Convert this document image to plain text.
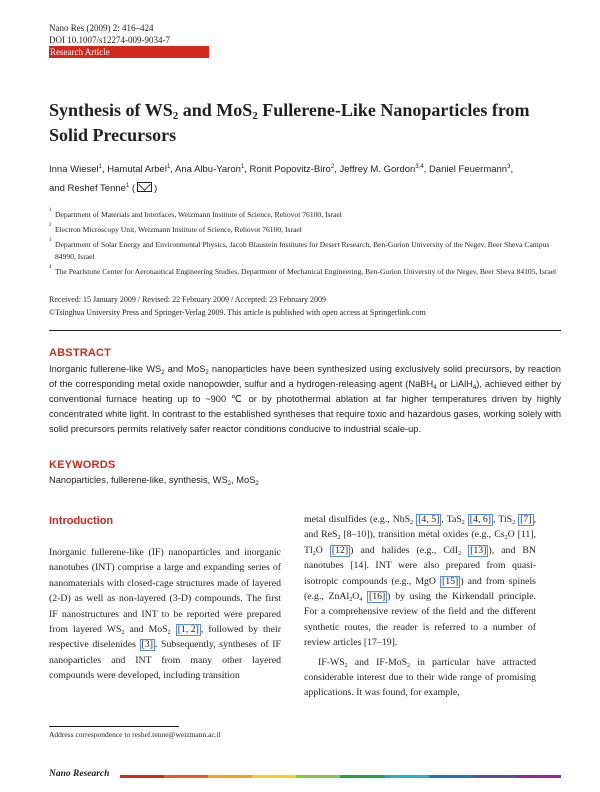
Nano Res (2009) 2: 416–424
DOI 10.1007/s12274-009-9034-7
Research Article
Synthesis of $WS_2$ and MoS$_2$ Fullerene-Like Nanoparticles from Solid Precursors
Inna Wiesel$^1$, Hamutal Arbel$^1$, Ana Albu-Yaron$^1$, Ronit Popovitz-Biro$^2$, Jeffrey M. Gordon$^{3,4}$, Daniel Feuermann$^3$,
and Reshef Tenne$^1$ ( )
1 Department of Materials and Interfaces, Weizmann Institute of Science, Rehovot 76100, Israel
2 Electron Microscopy Unit, Weizmann Institute of Science, Rehovot 76100, Israel
3 Department of Solar Energy and Environmental Physics, Jacob Blaustein Institutes for Desert Research, Ben-Gurion University of the Negev, Beer Sheva Campus 84990, Israel
4 The Pearlstone Center for Aeronautical Engineering Studies, Department of Mechanical Engineering, Ben-Gurion University of the Negev, Beer Sheva 84105, Israel
Received: 15 January 2009 / Revised: 22 February 2009 / Accepted: 23 February 2009
©Tsinghua University Press and Springer-Verlag 2009. This article is published with open access at Springerlink.com
ABSTRACT
Inorganic fullerene-like $WS_2$ and MoS$_2$ nanoparticles have been synthesized using exclusively solid precursors, by reaction of the corresponding metal oxide nanopowder, sulfur and a hydrogen-releasing agent (NaBH$_4$ or LiAlH$_4$), achieved either by conventional furnace heating up to ~900 ℃ or by photothermal ablation at far higher temperatures driven by highly concentrated white light. In contrast to the established syntheses that require toxic and hazardous gases, working solely with solid precursors permits relatively safer reactor conditions conducive to industrial scale-up.
KEYWORDS
Nanoparticles, fullerene-like, synthesis, $WS_2$, MoS$_2$
Introduction

Inorganic fullerene-like (IF) nanoparticles and inorganic nanotubes (INT) comprise a large and expanding series of nanomaterials with closed-cage structures made of layered (2-D) as well as non-layered (3-D) compounds. The first IF nanostructures and INT to be reported were prepared from layered $WS_2$ and MoS$_2$ [1, 2] , followed by their respective diselenides [3] . Subsequently, syntheses of IF nanoparticles and INT from many other layered compounds were developed, including transition

metal disulfides (e.g., NbS$_2$ [4, 5] , TaS$_2$ [4, 6] , TiS$_2$ [7] , and ReS$_2$ [8–10]), transition metal oxides (e.g., $Cs_2O$ [11], $Tl_2O$ [12] ) and halides (e.g., CdI$_2$ [13] ), and BN nanotubes [14]. INT were also prepared from quasi-isotropic compounds (e.g., MgO [15] ) and from spinels (e.g., $ZnAl_2O_4$ [16] ) by using the Kirkendall principle. For a comprehensive review of the field and the different synthetic routes, the reader is referred to a number of review articles [17–19].

$IF-WS_2$ and IF-MoS$_2$ in particular have attracted considerable interest due to their wide range of promising applications. It was found, for example,

Address correspondence to reshef.tenne@weizmann.ac.il
Nano Research
